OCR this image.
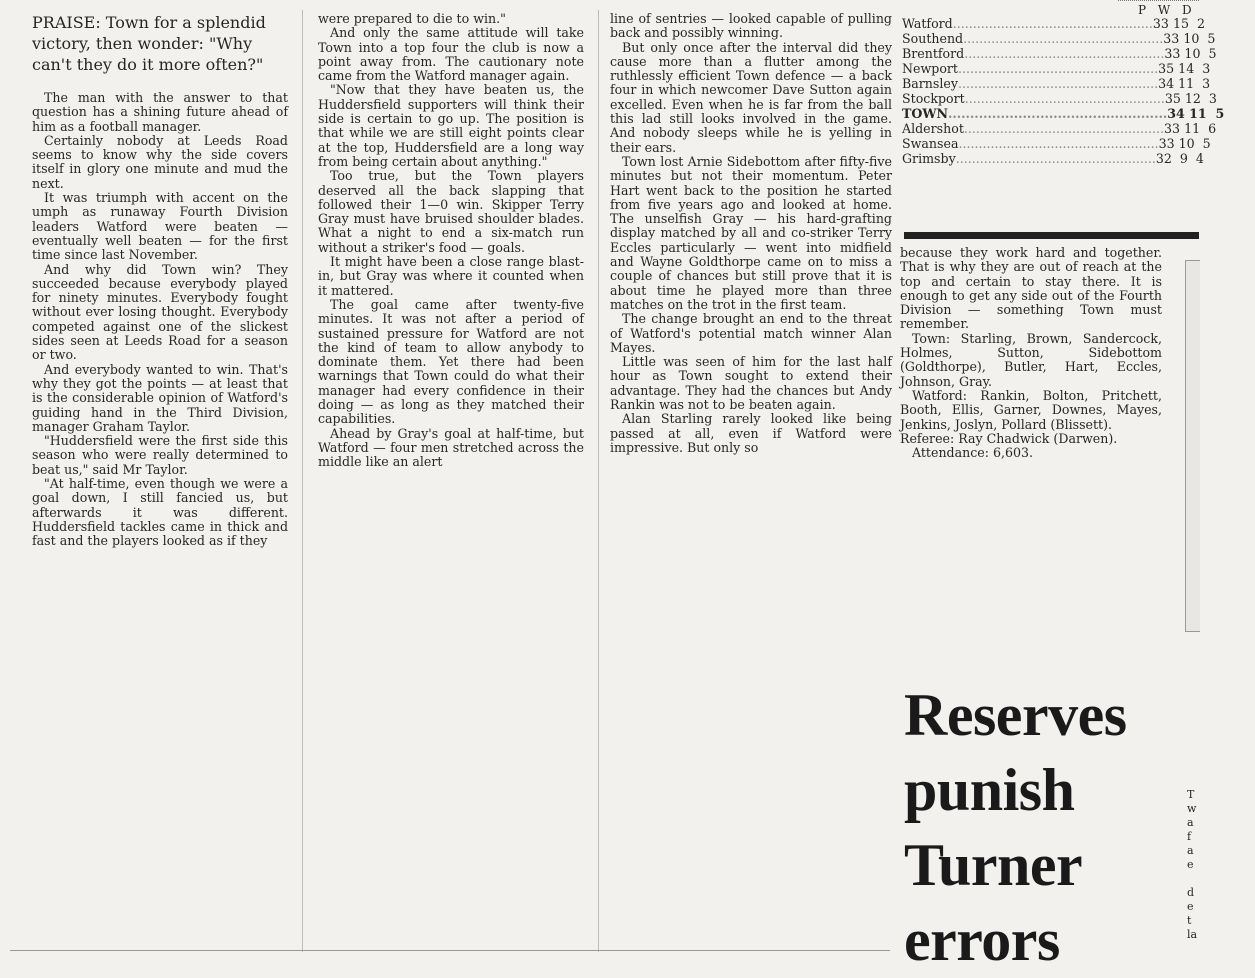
PRAISE: Town for a splendid victory, then wonder: "Why can't they do it more often?"

The man with the answer to that question has a shining future ahead of him as a football manager.

Certainly nobody at Leeds Road seems to know why the side covers itself in glory one minute and mud the next.

It was triumph with accent on the umph as runaway Fourth Division leaders Watford were beaten — eventually well beaten — for the first time since last November.

And why did Town win? They succeeded because everybody played for ninety minutes. Everybody fought without ever losing thought. Everybody competed against one of the slickest sides seen at Leeds Road for a season or two.

And everybody wanted to win. That's why they got the points — at least that is the considerable opinion of Watford's guiding hand in the Third Division, manager Graham Taylor.

"Huddersfield were the first side this season who were really determined to beat us," said Mr Taylor.

"At half-time, even though we were a goal down, I still fancied us, but afterwards it was different. Huddersfield tackles came in thick and fast and the players looked as if they

were prepared to die to win."

And only the same attitude will take Town into a top four the club is now a point away from. The cautionary note came from the Watford manager again.

"Now that they have beaten us, the Huddersfield supporters will think their side is certain to go up. The position is that while we are still eight points clear at the top, Huddersfield are a long way from being certain about anything."

Too true, but the Town players deserved all the back slapping that followed their 1—0 win. Skipper Terry Gray must have bruised shoulder blades. What a night to end a six-match run without a striker's food — goals.

It might have been a close range blast-in, but Gray was where it counted when it mattered.

The goal came after twenty-five minutes. It was not after a period of sustained pressure for Watford are not the kind of team to allow anybody to dominate them. Yet there had been warnings that Town could do what their manager had every confidence in their doing — as long as they matched their capabilities.

Ahead by Gray's goal at half-time, but Watford — four men stretched across the middle like an alert

line of sentries — looked capable of pulling back and possibly winning.

But only once after the interval did they cause more than a flutter among the ruthlessly efficient Town defence — a back four in which newcomer Dave Sutton again excelled. Even when he is far from the ball this lad still looks involved in the game. And nobody sleeps while he is yelling in their ears.

Town lost Arnie Sidebottom after fifty-five minutes but not their momentum. Peter Hart went back to the position he started from five years ago and looked at home. The unselfish Gray — his hard-grafting display matched by all and co-striker Terry Eccles particularly — went into midfield and Wayne Goldthorpe came on to miss a couple of chances but still prove that it is about time he played more than three matches on the trot in the first team.

The change brought an end to the threat of Watford's potential match winner Alan Mayes.

Little was seen of him for the last half hour as Town sought to extend their advantage. They had the chances but Andy Rankin was not to be beaten again.

Alan Starling rarely looked like being passed at all, even if Watford were impressive. But only so

P W D
Watford .................................................. 33 15  2
Southend .................................................. 33 10  5
Brentford .................................................. 33 10  5
Newport .................................................. 35 14  3
Barnsley .................................................. 34 11  3
Stockport .................................................. 35 12  3
TOWN .................................................. 34 11  5
Aldershot .................................................. 33 11  6
Swansea .................................................. 33 10  5
Grimsby .................................................. 32  9  4

because they work hard and together. That is why they are out of reach at the top and certain to stay there. It is enough to get any side out of the Fourth Division — something Town must remember.

Town: Starling, Brown, Sandercock, Holmes, Sutton, Sidebottom (Goldthorpe), Butler, Hart, Eccles, Johnson, Gray.

Watford: Rankin, Bolton, Pritchett, Booth, Ellis, Garner, Downes, Mayes, Jenkins, Joslyn, Pollard (Blissett).

Referee: Ray Chadwick (Darwen).

Attendance: 6,603.

Reserves
punish
Turner
errors
T
w
a
f
a
e

d
e
t
la
